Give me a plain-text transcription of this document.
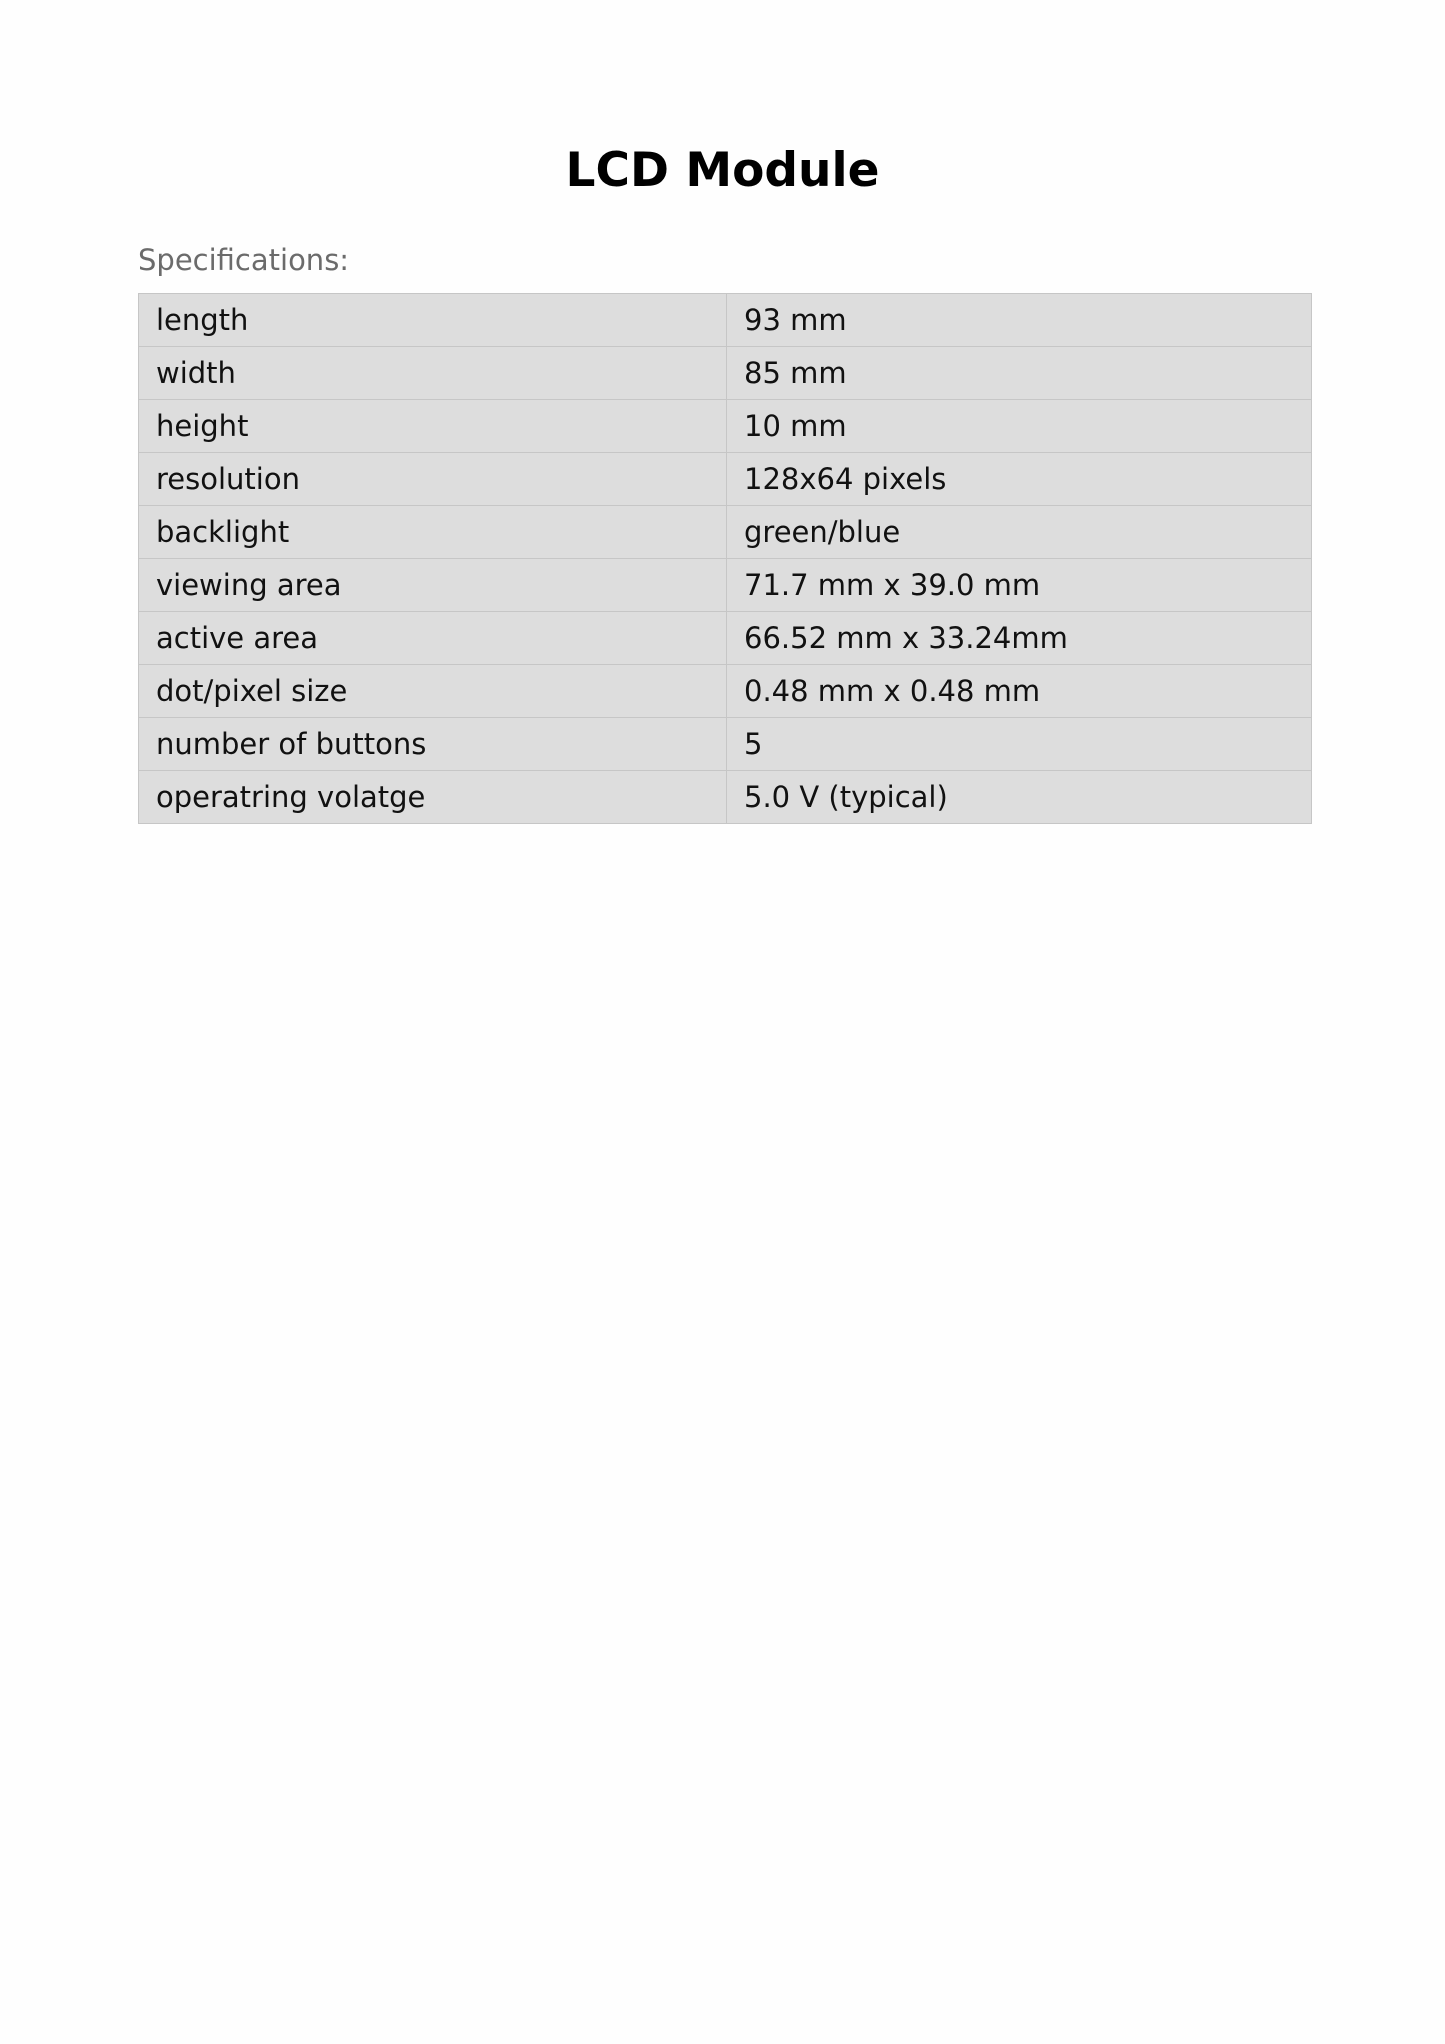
LCD Module

Specifications:

length	93 mm
width	85 mm
height	10 mm
resolution	128x64 pixels
backlight	green/blue
viewing area	71.7 mm x 39.0 mm
active area	66.52 mm x 33.24mm
dot/pixel size	0.48 mm x 0.48 mm
number of buttons	5
operatring volatge	5.0 V (typical)
